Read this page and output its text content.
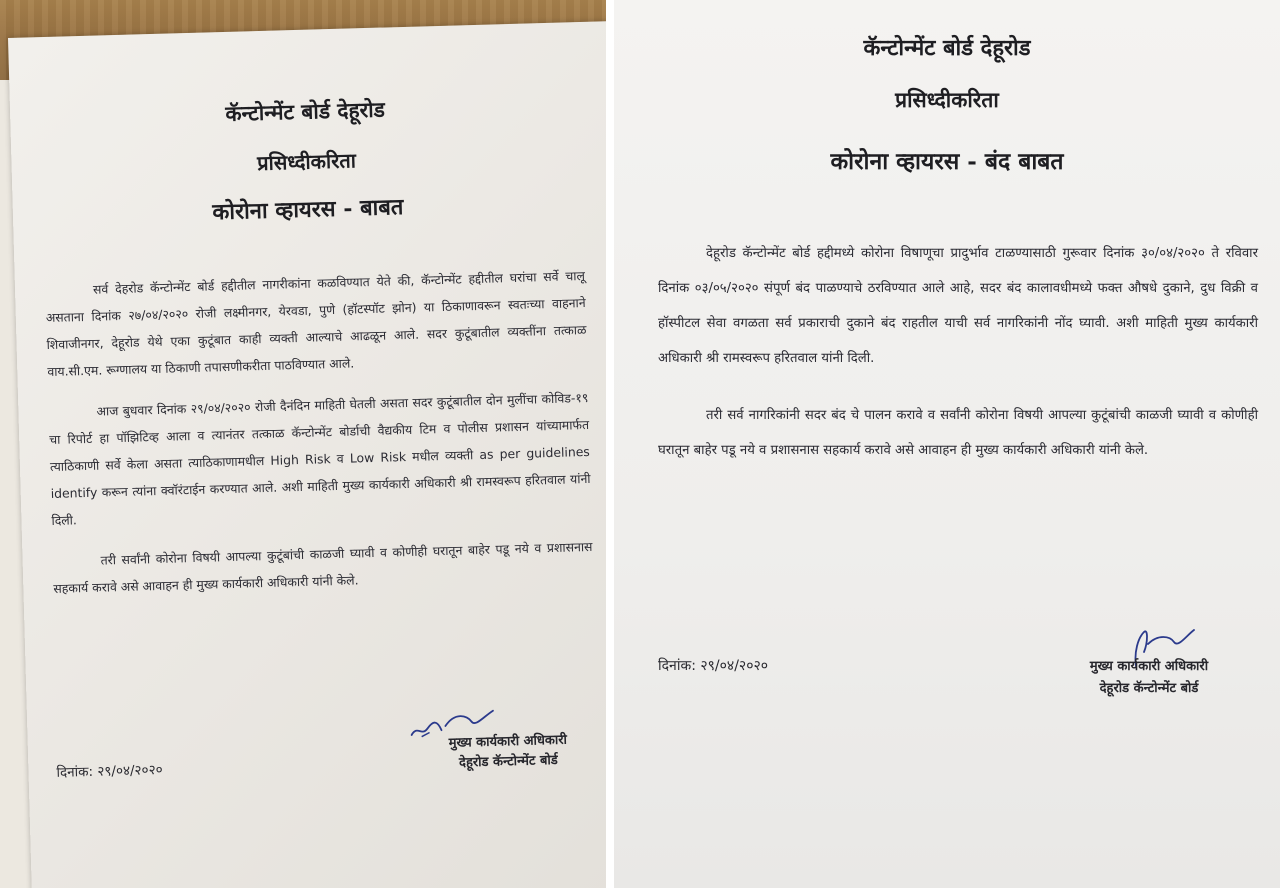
कॅन्टोन्मेंट बोर्ड देहूरोड
प्रसिध्दीकरिता
कोरोना व्हायरस - बाबत

सर्व देहरोड कॅन्टोन्मेंट बोर्ड हद्दीतील नागरीकांना कळविण्यात येते की, कॅन्टोन्मेंट हद्दीतील घरांचा सर्वे चालू असताना दिनांक २७/०४/२०२० रोजी लक्ष्मीनगर, येरवडा, पुणे (हॉटस्पॉट झोन) या ठिकाणावरून स्वतःच्या वाहनाने शिवाजीनगर, देहूरोड येथे एका कुटूंबात काही व्यक्ती आल्याचे आढळून आले. सदर कुटूंबातील व्यक्तींना तत्काळ वाय.सी.एम. रूग्णालय या ठिकाणी तपासणीकरीता पाठविण्यात आले.

आज बुधवार दिनांक २९/०४/२०२० रोजी दैनंदिन माहिती घेतली असता सदर कुटूंबातील दोन मुलींचा कोविड-१९ चा रिपोर्ट हा पॉझिटिव्ह आला व त्यानंतर तत्काळ कॅन्टोन्मेंट बोर्डाची वैद्यकीय टिम व पोलीस प्रशासन यांच्यामार्फत त्याठिकाणी सर्वे केला असता त्याठिकाणामधील High Risk व Low Risk मधील व्यक्ती as per guidelines identify करून त्यांना क्वॉरंटाईन करण्यात आले. अशी माहिती मुख्य कार्यकारी अधिकारी श्री रामस्वरूप हरितवाल यांनी दिली.

तरी सर्वांनी कोरोना विषयी आपल्या कुटूंबांची काळजी घ्यावी व कोणीही घरातून बाहेर पडू नये व प्रशासनास सहकार्य करावे असे आवाहन ही मुख्य कार्यकारी अधिकारी यांनी केले.

मुख्य कार्यकारी अधिकारी
देहूरोड कॅन्टोन्मेंट बोर्ड
दिनांक: २९/०४/२०२०
कॅन्टोन्मेंट बोर्ड देहूरोड
प्रसिध्दीकरिता
कोरोना व्हायरस - बंद बाबत

देहूरोड कॅन्टोन्मेंट बोर्ड हद्दीमध्ये कोरोना विषाणूचा प्रादुर्भाव टाळण्यासाठी गुरूवार दिनांक ३०/०४/२०२० ते रविवार दिनांक ०३/०५/२०२० संपूर्ण बंद पाळण्याचे ठरविण्यात आले आहे, सदर बंद कालावधीमध्ये फक्त औषधे दुकाने, दुध विक्री व हॉस्पीटल सेवा वगळता सर्व प्रकाराची दुकाने बंद राहतील याची सर्व नागरिकांनी नोंद घ्यावी. अशी माहिती मुख्य कार्यकारी अधिकारी श्री रामस्वरूप हरितवाल यांनी दिली.

तरी सर्व नागरिकांनी सदर बंद चे पालन करावे व सर्वांनी कोरोना विषयी आपल्या कुटूंबांची काळजी घ्यावी व कोणीही घरातून बाहेर पडू नये व प्रशासनास सहकार्य करावे असे आवाहन ही मुख्य कार्यकारी अधिकारी यांनी केले.

मुख्य कार्यकारी अधिकारी
देहूरोड कॅन्टोन्मेंट बोर्ड
दिनांक: २९/०४/२०२०
